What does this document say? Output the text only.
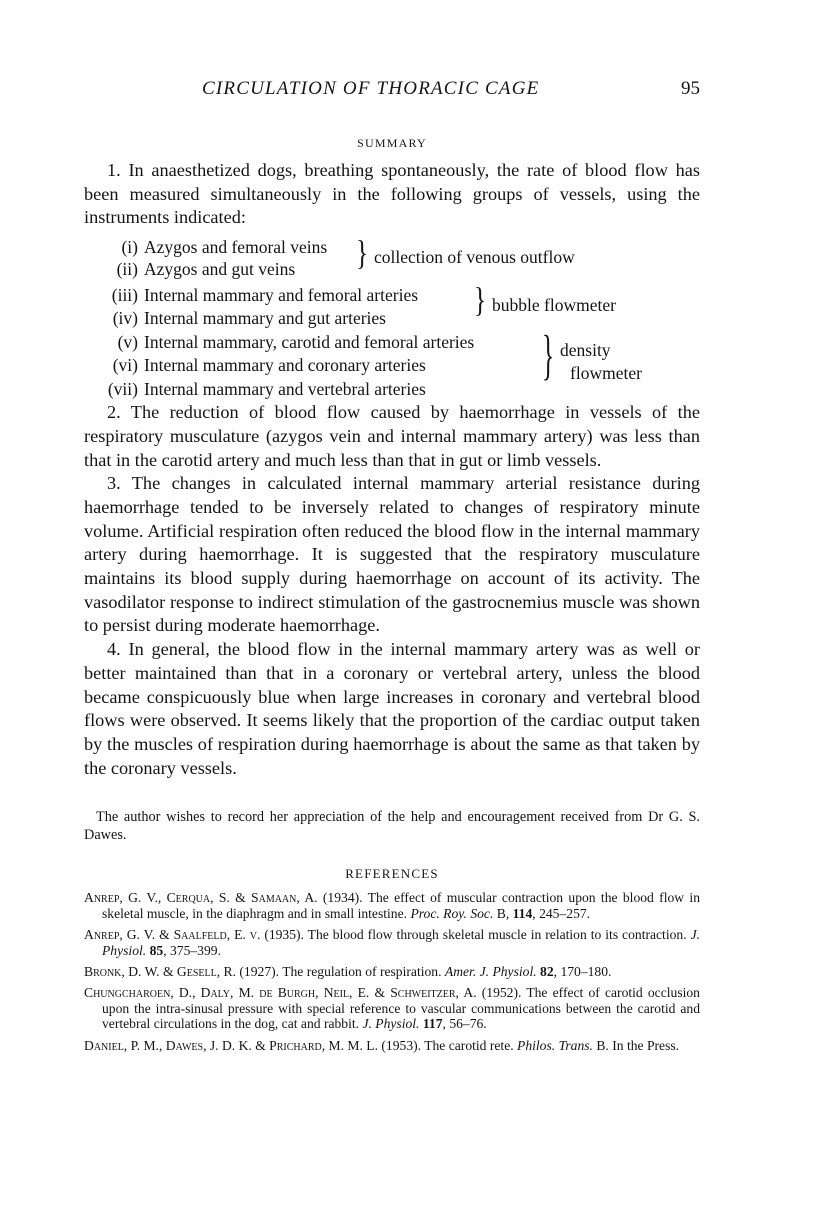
CIRCULATION OF THORACIC CAGE	95
SUMMARY

1. In anaesthetized dogs, breathing spontaneously, the rate of blood flow has been measured simultaneously in the following groups of vessels, using the instruments indicated:

(i) Azygos and femoral veins
(ii) Azygos and gut veins
(iii) Internal mammary and femoral arteries
(iv) Internal mammary and gut arteries
(v) Internal mammary, carotid and femoral arteries
(vi) Internal mammary and coronary arteries
(vii) Internal mammary and vertebral arteries
} collection of venous outflow
} bubble flowmeter
} density
flowmeter

2. The reduction of blood flow caused by haemorrhage in vessels of the respiratory musculature (azygos vein and internal mammary artery) was less than that in the carotid artery and much less than that in gut or limb vessels.

3. The changes in calculated internal mammary arterial resistance during haemorrhage tended to be inversely related to changes of respiratory minute volume. Artificial respiration often reduced the blood flow in the internal mammary artery during haemorrhage. It is suggested that the respiratory musculature maintains its blood supply during haemorrhage on account of its activity. The vasodilator response to indirect stimulation of the gastrocnemius muscle was shown to persist during moderate haemorrhage.

4. In general, the blood flow in the internal mammary artery was as well or better maintained than that in a coronary or vertebral artery, unless the blood became conspicuously blue when large increases in coronary and vertebral blood flows were observed. It seems likely that the proportion of the cardiac output taken by the muscles of respiration during haemorrhage is about the same as that taken by the coronary vessels.

The author wishes to record her appreciation of the help and encouragement received from Dr G. S. Dawes.

REFERENCES

Anrep, G. V., Cerqua, S. & Samaan, A. (1934). The effect of muscular contraction upon the blood flow in skeletal muscle, in the diaphragm and in small intestine. Proc. Roy. Soc. B, 114, 245–257.

Anrep, G. V. & Saalfeld, E. v. (1935). The blood flow through skeletal muscle in relation to its contraction. J. Physiol. 85, 375–399.

Bronk, D. W. & Gesell, R. (1927). The regulation of respiration. Amer. J. Physiol. 82, 170–180.

Chungcharoen, D., Daly, M. de Burgh, Neil, E. & Schweitzer, A. (1952). The effect of carotid occlusion upon the intra-sinusal pressure with special reference to vascular communications between the carotid and vertebral circulations in the dog, cat and rabbit. J. Physiol. 117, 56–76.

Daniel, P. M., Dawes, J. D. K. & Prichard, M. M. L. (1953). The carotid rete. Philos. Trans. B. In the Press.
